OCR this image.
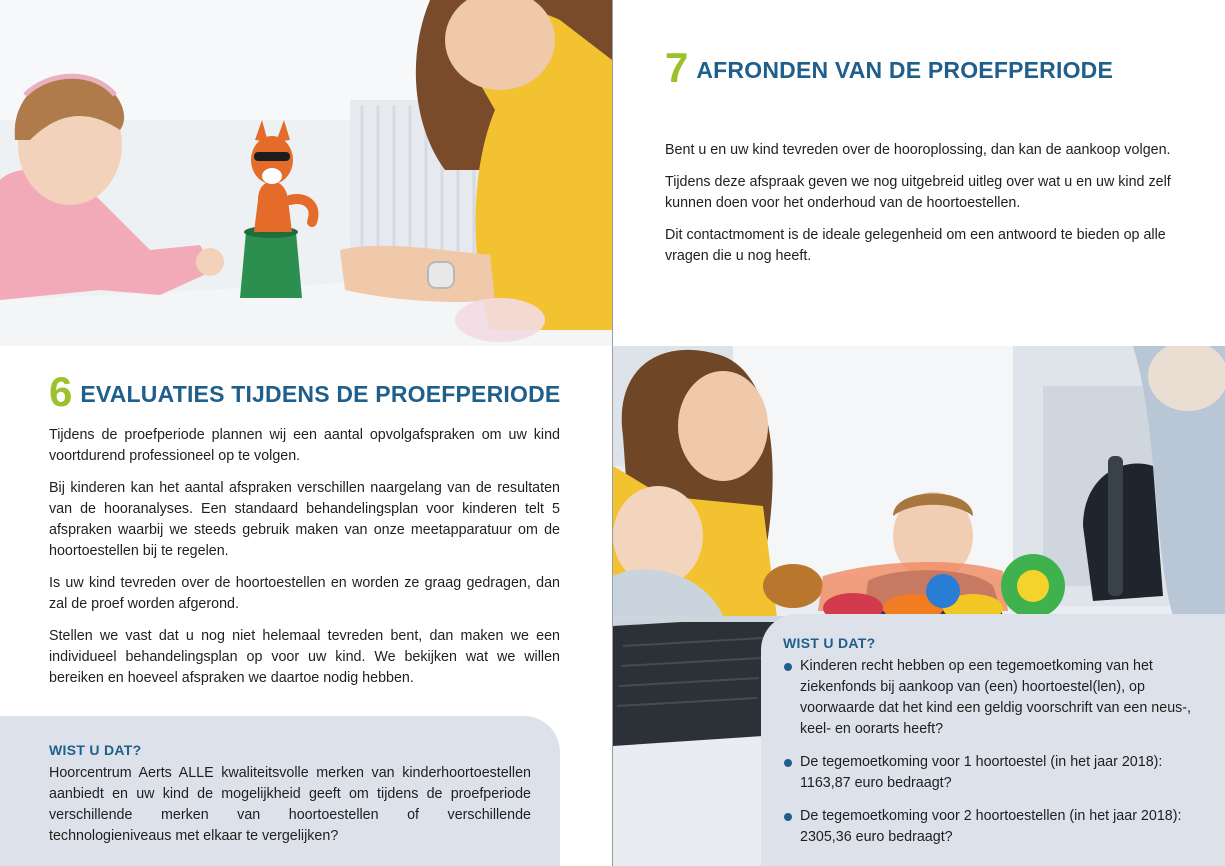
6 EVALUATIES TIJDENS DE PROEFPERIODE

Tijdens de proefperiode plannen wij een aantal opvolgafspraken om uw kind voortdurend professioneel op te volgen.

Bij kinderen kan het aantal afspraken verschillen naargelang van de resultaten van de hooranalyses. Een standaard behandelingsplan voor kinderen telt 5 afspraken waarbij we steeds gebruik maken van onze meetapparatuur om de hoortoestellen bij te regelen.

Is uw kind tevreden over de hoortoestellen en worden ze graag gedragen, dan zal de proef worden afgerond.

Stellen we vast dat u nog niet helemaal tevreden bent, dan maken we een individueel behandelingsplan op voor uw kind. We bekijken wat we willen bereiken en hoeveel afspraken we daartoe nodig hebben.

WIST U DAT?

Hoorcentrum Aerts ALLE kwaliteitsvolle merken van kinderhoortoestellen aanbiedt en uw kind de mogelijkheid geeft om tijdens de proefperiode verschillende merken van hoortoestellen of verschillende technologieniveaus met elkaar te vergelijken?

7 AFRONDEN VAN DE PROEFPERIODE

Bent u en uw kind tevreden over de hooroplossing, dan kan de aankoop volgen.

Tijdens deze afspraak geven we nog uitgebreid uitleg over wat u en uw kind zelf kunnen doen voor het onderhoud van de hoortoestellen.

Dit contactmoment is de ideale gelegenheid om een antwoord te bieden op alle vragen die u nog heeft.

WIST U DAT?
Kinderen recht hebben op een tegemoetkoming van het ziekenfonds bij aankoop van (een) hoortoestel(len), op voorwaarde dat het kind een geldig voorschrift van een neus-, keel- en oorarts heeft?
De tegemoetkoming voor 1 hoortoestel (in het jaar 2018): 1163,87 euro bedraagt?
De tegemoetkoming voor 2 hoortoestellen (in het jaar 2018): 2305,36 euro bedraagt?
